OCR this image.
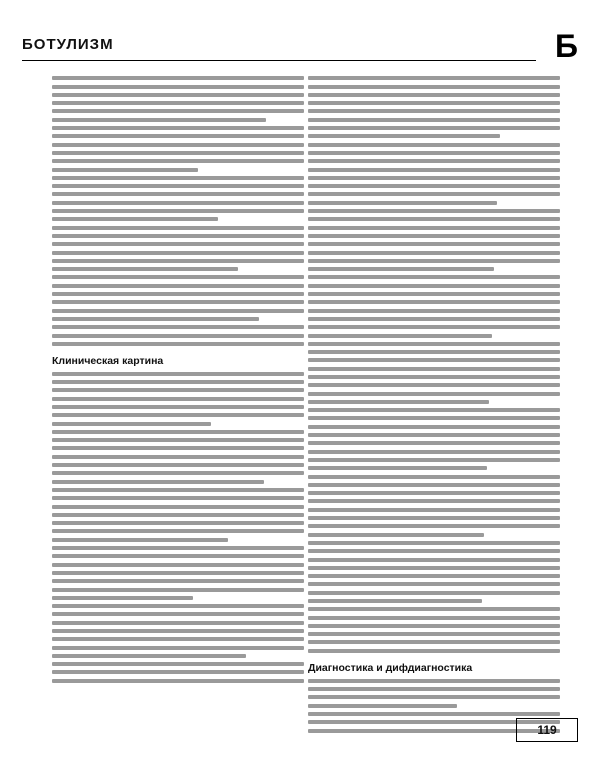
БОТУЛИЗМ	Б
Клиническая картина
Диагностика и дифдиагностика
119
